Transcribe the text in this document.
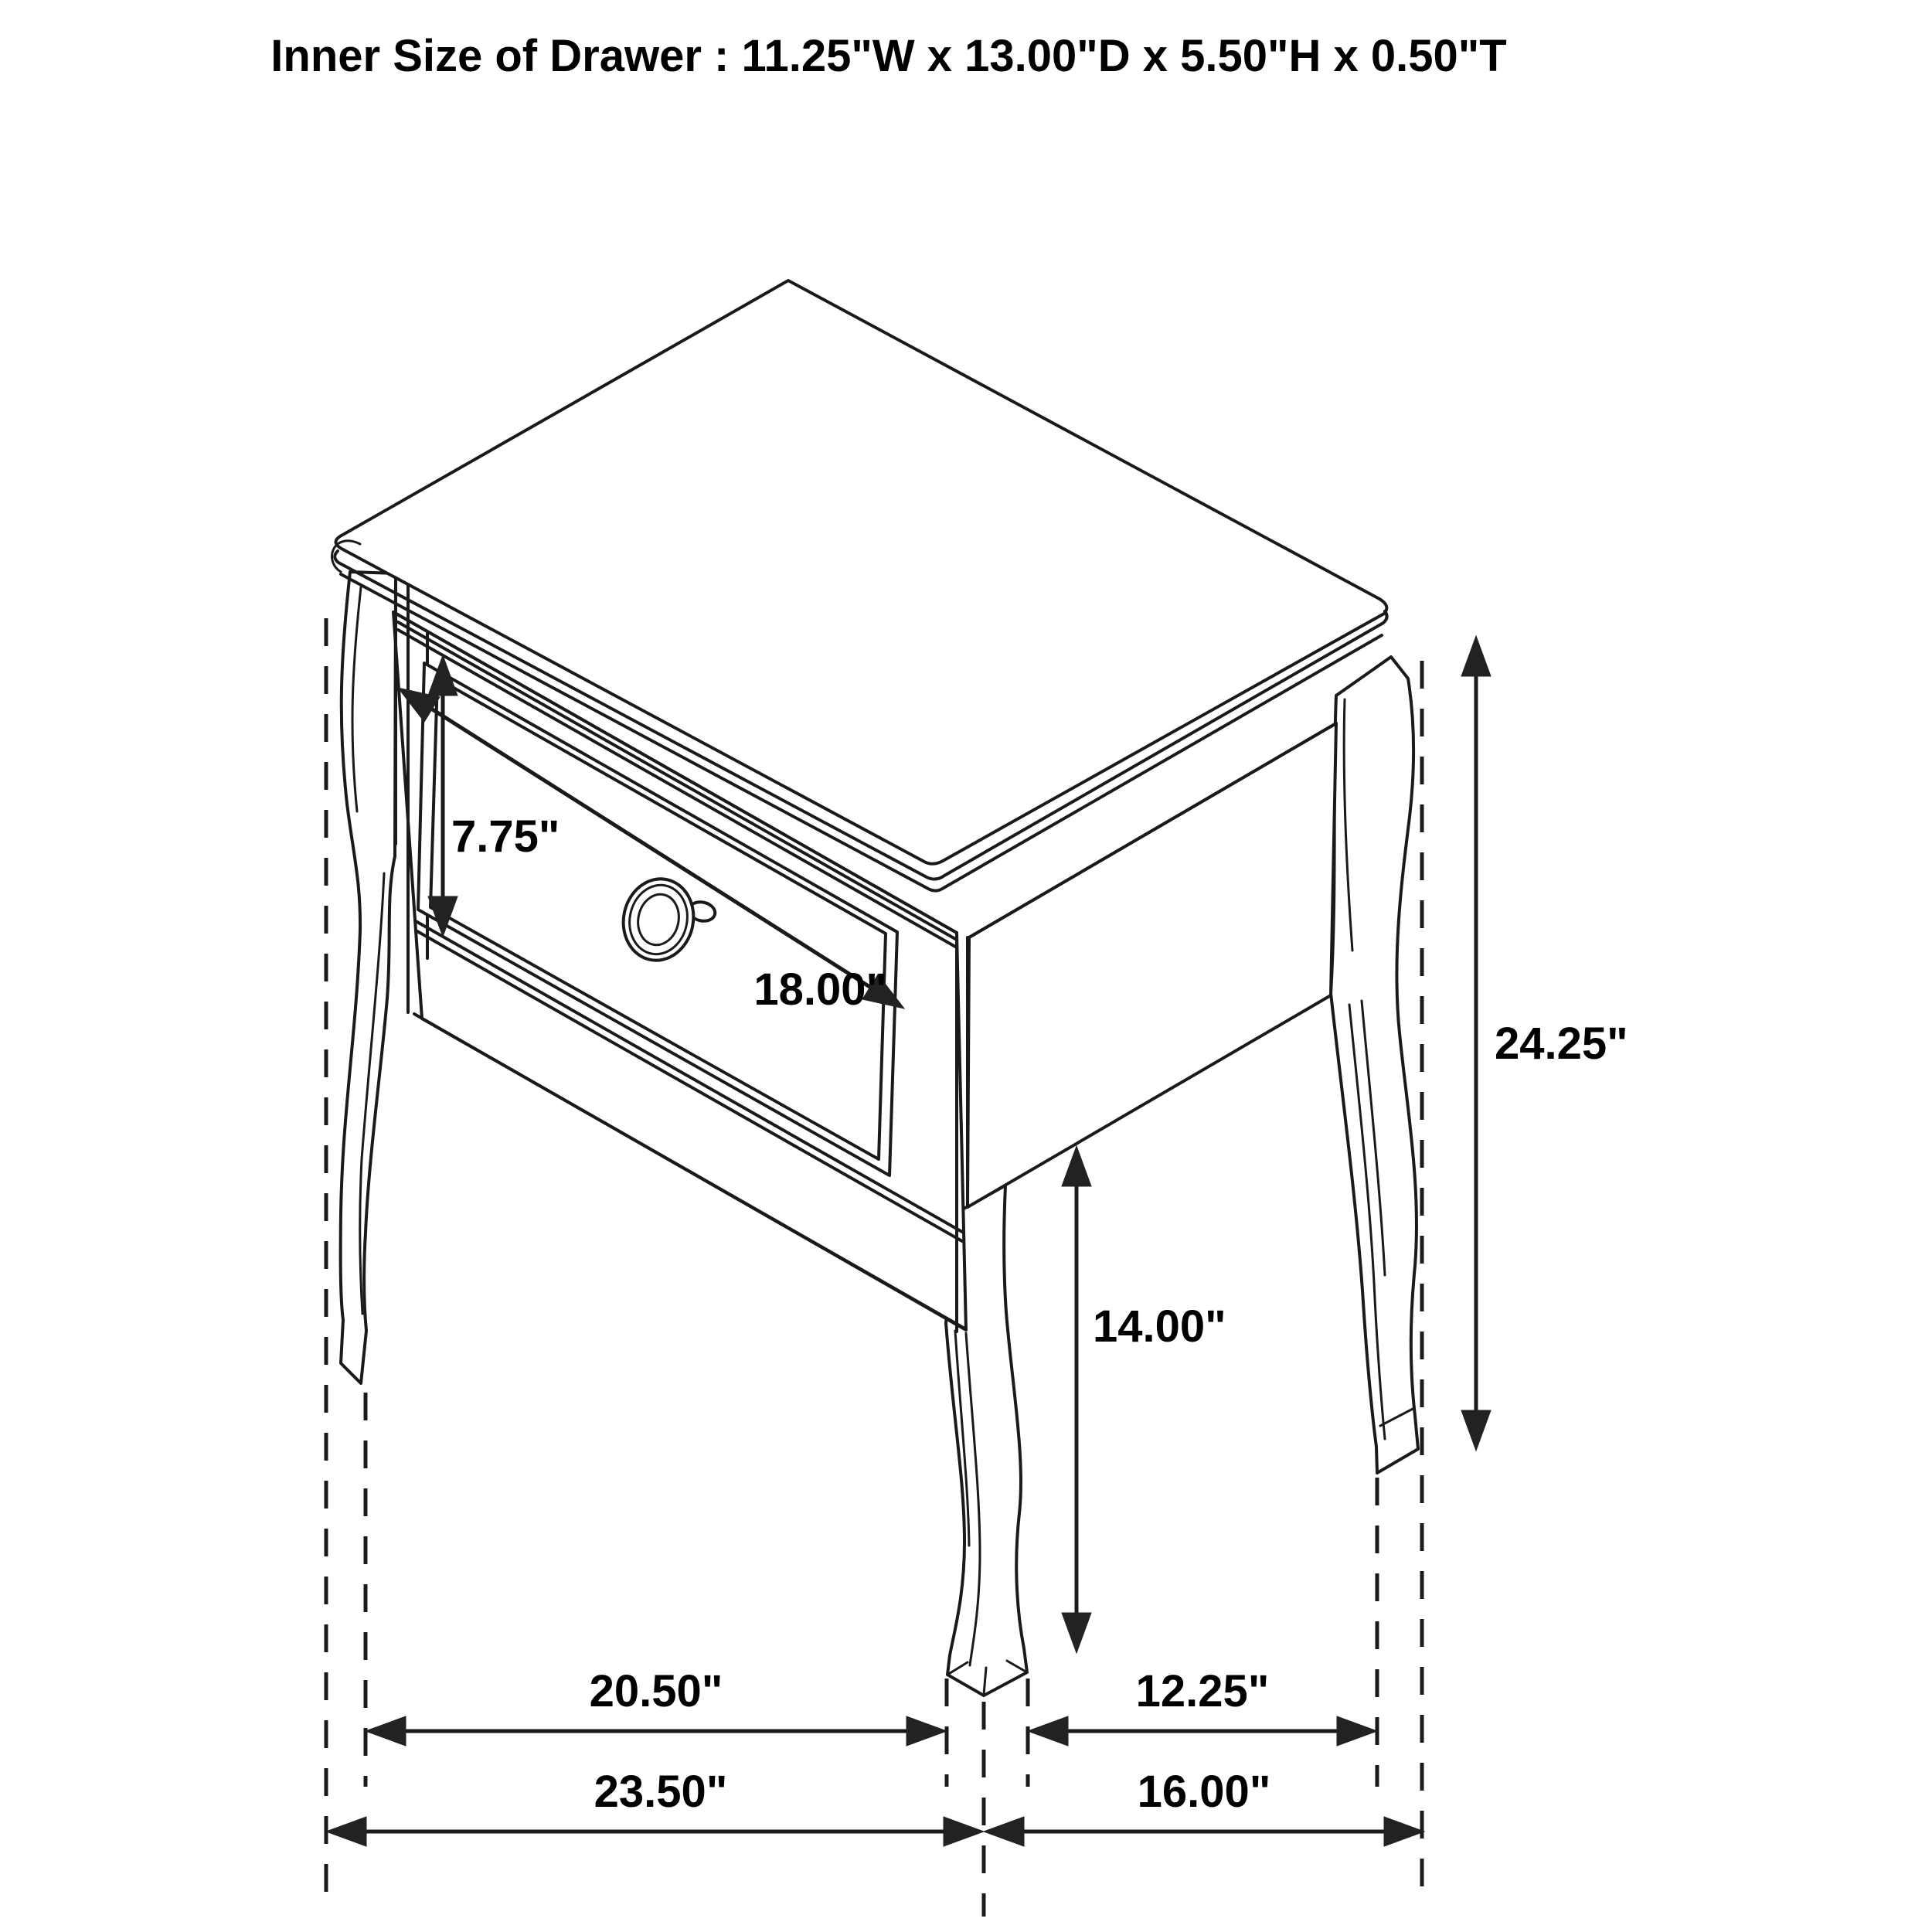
7.75"
18.00"
24.25"
14.00"
20.50"	12.25"
23.50"	16.00"
Inner Size of Drawer : 11.25"W x 13.00"D x 5.50"H x 0.50"T
